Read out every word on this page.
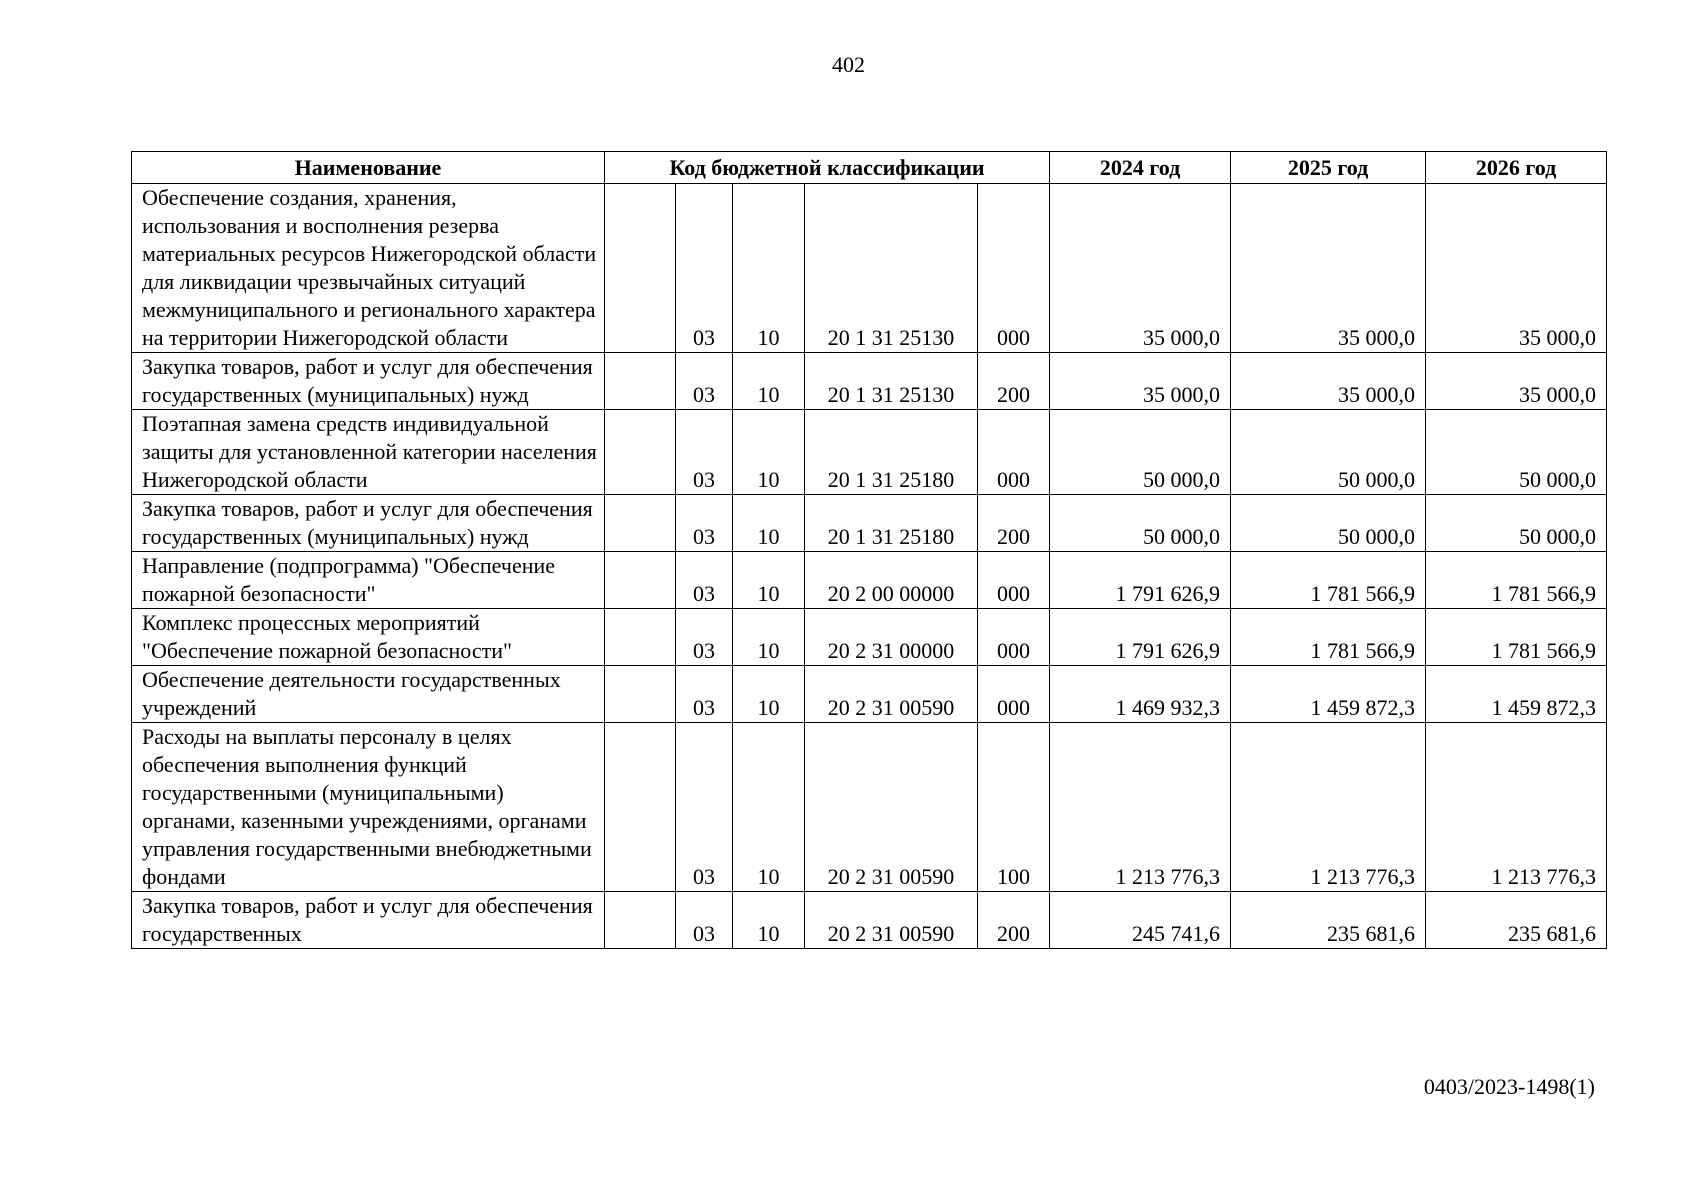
402
Наименование	Код бюджетной классификации					2024 год	2025 год	2026 год
Обеспечение создания, хранения, использования и восполнения резерва материальных ресурсов Нижегородской области для ликвидации чрезвычайных ситуаций межмуниципального и регионального характера на территории Нижегородской области		03	10	20 1 31 25130	000	35 000,0	35 000,0	35 000,0
Закупка товаров, работ и услуг для обеспечения государственных (муниципальных) нужд		03	10	20 1 31 25130	200	35 000,0	35 000,0	35 000,0
Поэтапная замена средств индивидуальной защиты для установленной категории населения Нижегородской области		03	10	20 1 31 25180	000	50 000,0	50 000,0	50 000,0
Закупка товаров, работ и услуг для обеспечения государственных (муниципальных) нужд		03	10	20 1 31 25180	200	50 000,0	50 000,0	50 000,0
Направление (подпрограмма) "Обеспечение пожарной безопасности"		03	10	20 2 00 00000	000	1 791 626,9	1 781 566,9	1 781 566,9
Комплекс процессных мероприятий "Обеспечение пожарной безопасности"		03	10	20 2 31 00000	000	1 791 626,9	1 781 566,9	1 781 566,9
Обеспечение деятельности государственных учреждений		03	10	20 2 31 00590	000	1 469 932,3	1 459 872,3	1 459 872,3
Расходы на выплаты персоналу в целях обеспечения выполнения функций государственными (муниципальными) органами, казенными учреждениями, органами управления государственными внебюджетными фондами		03	10	20 2 31 00590	100	1 213 776,3	1 213 776,3	1 213 776,3
Закупка товаров, работ и услуг для обеспечения государственных		03	10	20 2 31 00590	200	245 741,6	235 681,6	235 681,6
0403/2023-1498(1)
